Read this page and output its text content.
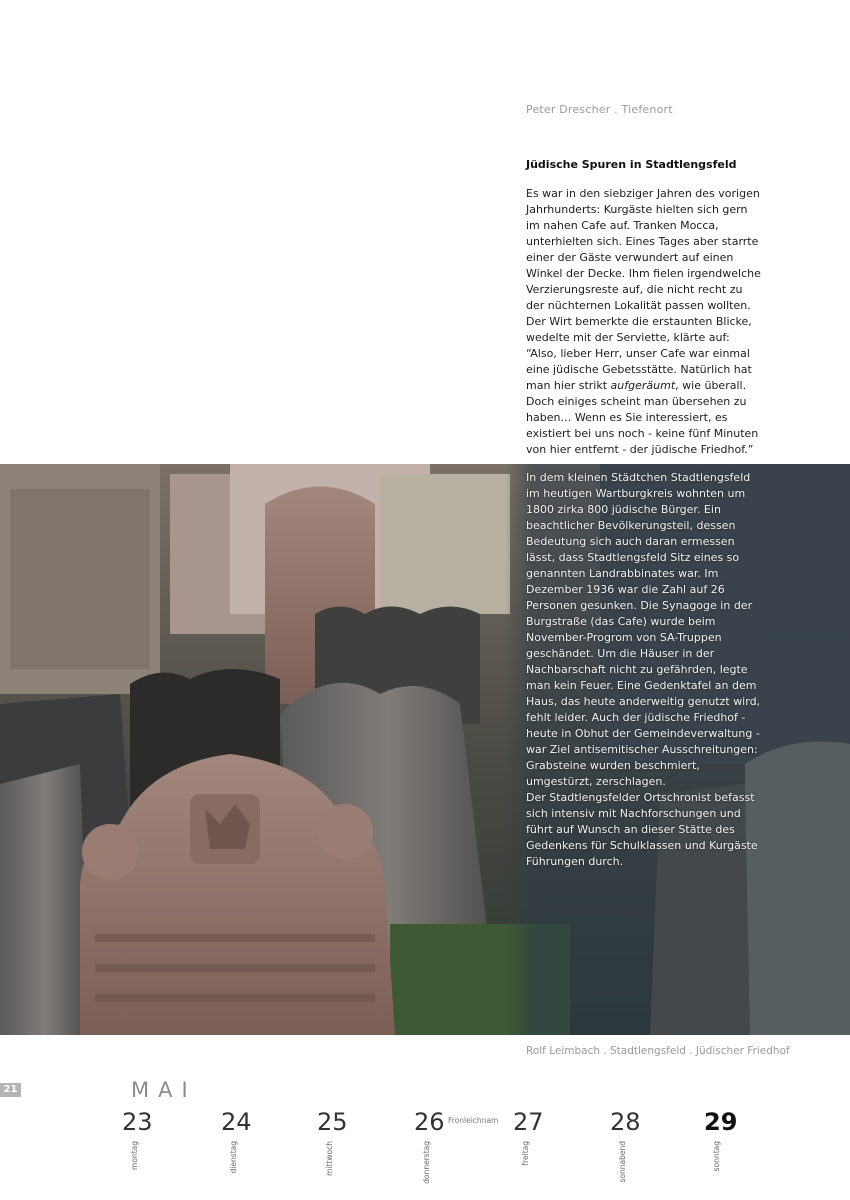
Peter Drescher . Tiefenort
Jüdische Spuren in Stadtlengsfeld

Es war in den siebziger Jahren des vorigen Jahrhunderts: Kurgäste hielten sich gern im nahen Cafe auf. Tranken Mocca, unterhielten sich. Eines Tages aber starrte einer der Gäste verwundert auf einen Winkel der Decke. Ihm fielen irgendwelche Verzierungsreste auf, die nicht recht zu der nüchternen Lokalität passen wollten. Der Wirt bemerkte die erstaunten Blicke, wedelte mit der Serviette, klärte auf: “Also, lieber Herr, unser Cafe war einmal eine jüdische Gebetsstätte. Natürlich hat man hier strikt aufgeräumt, wie überall. Doch einiges scheint man übersehen zu haben… Wenn es Sie interessiert, es existiert bei uns noch - keine fünf Minuten von hier entfernt - der jüdische Friedhof.”

In dem kleinen Städtchen Stadtlengsfeld im heutigen Wartburgkreis wohnten um 1800 zirka 800 jüdische Bürger. Ein beachtlicher Bevölkerungsteil, dessen Bedeutung sich auch daran ermessen lässt, dass Stadtlengsfeld Sitz eines so genannten Landrabbinates war. Im Dezember 1936 war die Zahl auf 26 Personen gesunken. Die Synagoge in der Burgstraße (das Cafe) wurde beim November-Progrom von SA-Truppen geschändet. Um die Häuser in der Nachbarschaft nicht zu gefährden, legte man kein Feuer. Eine Gedenktafel an dem Haus, das heute anderweitig genutzt wird, fehlt leider. Auch der jüdische Friedhof - heute in Obhut der Gemeindeverwaltung - war Ziel antisemitischer Ausschreitungen: Grabsteine wurden beschmiert, umgestürzt, zerschlagen.

Der Stadtlengsfelder Ortschronist befasst sich intensiv mit Nachforschungen und führt auf Wunsch an dieser Stätte des Gedenkens für Schulklassen und Kurgäste Führungen durch.

Rolf Leimbach . Stadtlengsfeld . Jüdischer Friedhof
21	MAI
23
montag
24
dienstag
25
mittwoch
26
donnerstag
Fronleichnam 27
freitag
28
sonnabend
29
sonntag
